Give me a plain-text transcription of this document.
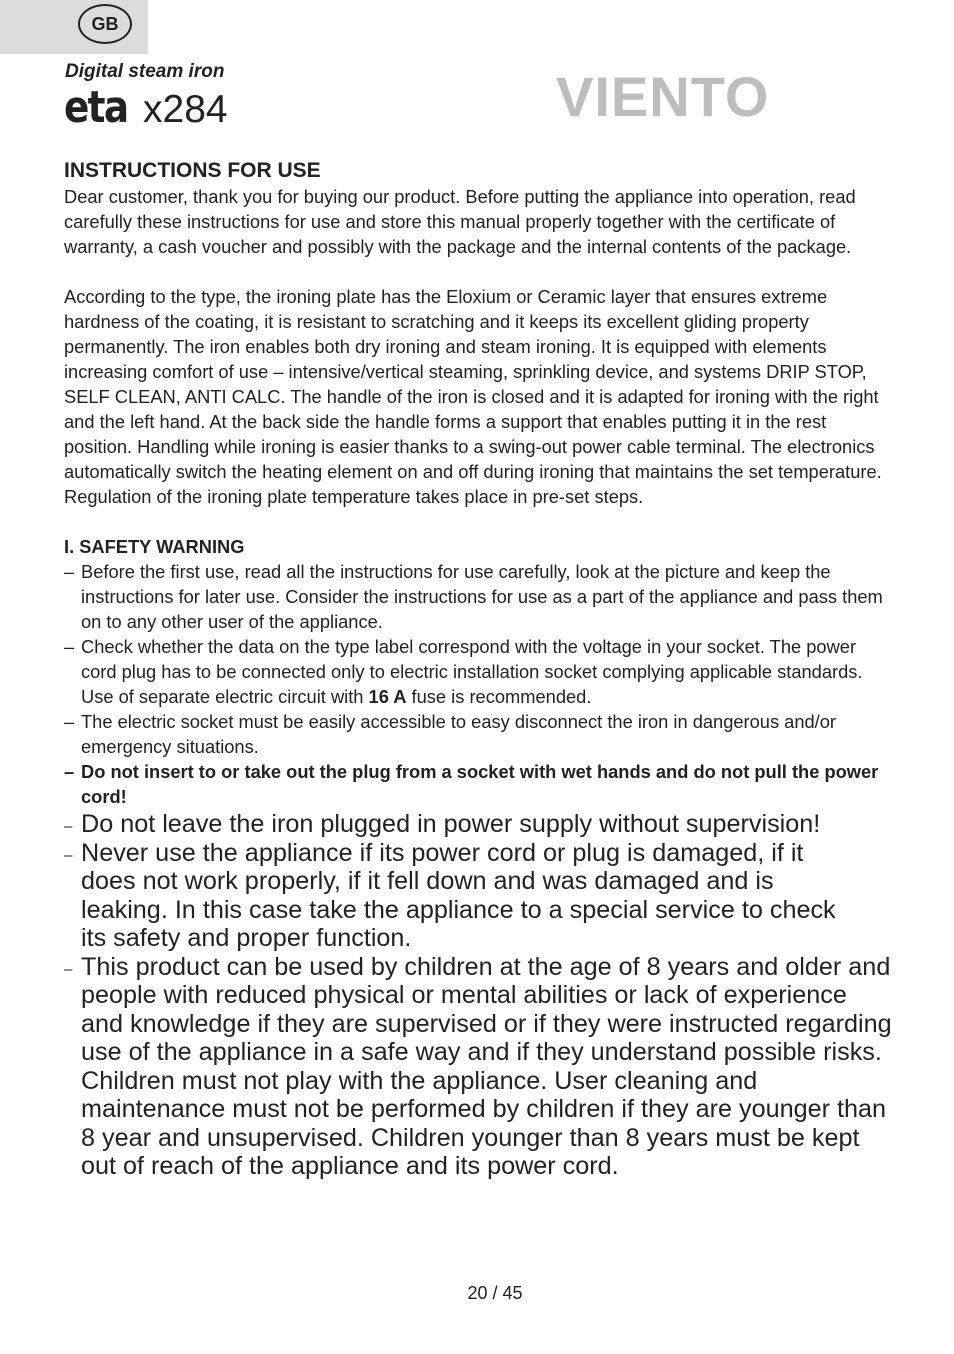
GB
Digital steam iron
eta x284	VIENTO
INSTRUCTIONS FOR USE

Dear customer, thank you for buying our product. Before putting the appliance into operation, read carefully these instructions for use and store this manual properly together with the certificate of warranty, a cash voucher and possibly with the package and the internal contents of the package.

According to the type, the ironing plate has the Eloxium or Ceramic layer that ensures extreme hardness of the coating, it is resistant to scratching and it keeps its excellent gliding property permanently. The iron enables both dry ironing and steam ironing. It is equipped with elements increasing comfort of use – intensive/vertical steaming, sprinkling device, and systems DRIP STOP, SELF CLEAN, ANTI CALC. The handle of the iron is closed and it is adapted for ironing with the right and the left hand. At the back side the handle forms a support that enables putting it in the rest position. Handling while ironing is easier thanks to a swing-out power cable terminal. The electronics automatically switch the heating element on and off during ironing that maintains the set temperature. Regulation of the ironing plate temperature takes place in pre-set steps.

I. SAFETY WARNING
– Before the first use, read all the instructions for use carefully, look at the picture and keep the instructions for later use. Consider the instructions for use as a part of the appliance and pass them on to any other user of the appliance.
– Check whether the data on the type label correspond with the voltage in your socket. The power cord plug has to be connected only to electric installation socket complying applicable standards. Use of separate electric circuit with 16 A fuse is recommended.
– The electric socket must be easily accessible to easy disconnect the iron in dangerous and/or emergency situations.
– Do not insert to or take out the plug from a socket with wet hands and do not pull the power cord!
– Do not leave the iron plugged in power supply without supervision!
– Never use the appliance if its power cord or plug is damaged, if it does not work properly, if it fell down and was damaged and is leaking. In this case take the appliance to a special service to check its safety and proper function.
– This product can be used by children at the age of 8 years and older and people with reduced physical or mental abilities or lack of experience and knowledge if they are supervised or if they were instructed regarding use of the appliance in a safe way and if they understand possible risks. Children must not play with the appliance. User cleaning and maintenance must not be performed by children if they are younger than 8 year and unsupervised. Children younger than 8 years must be kept out of reach of the appliance and its power cord.
20 / 45
